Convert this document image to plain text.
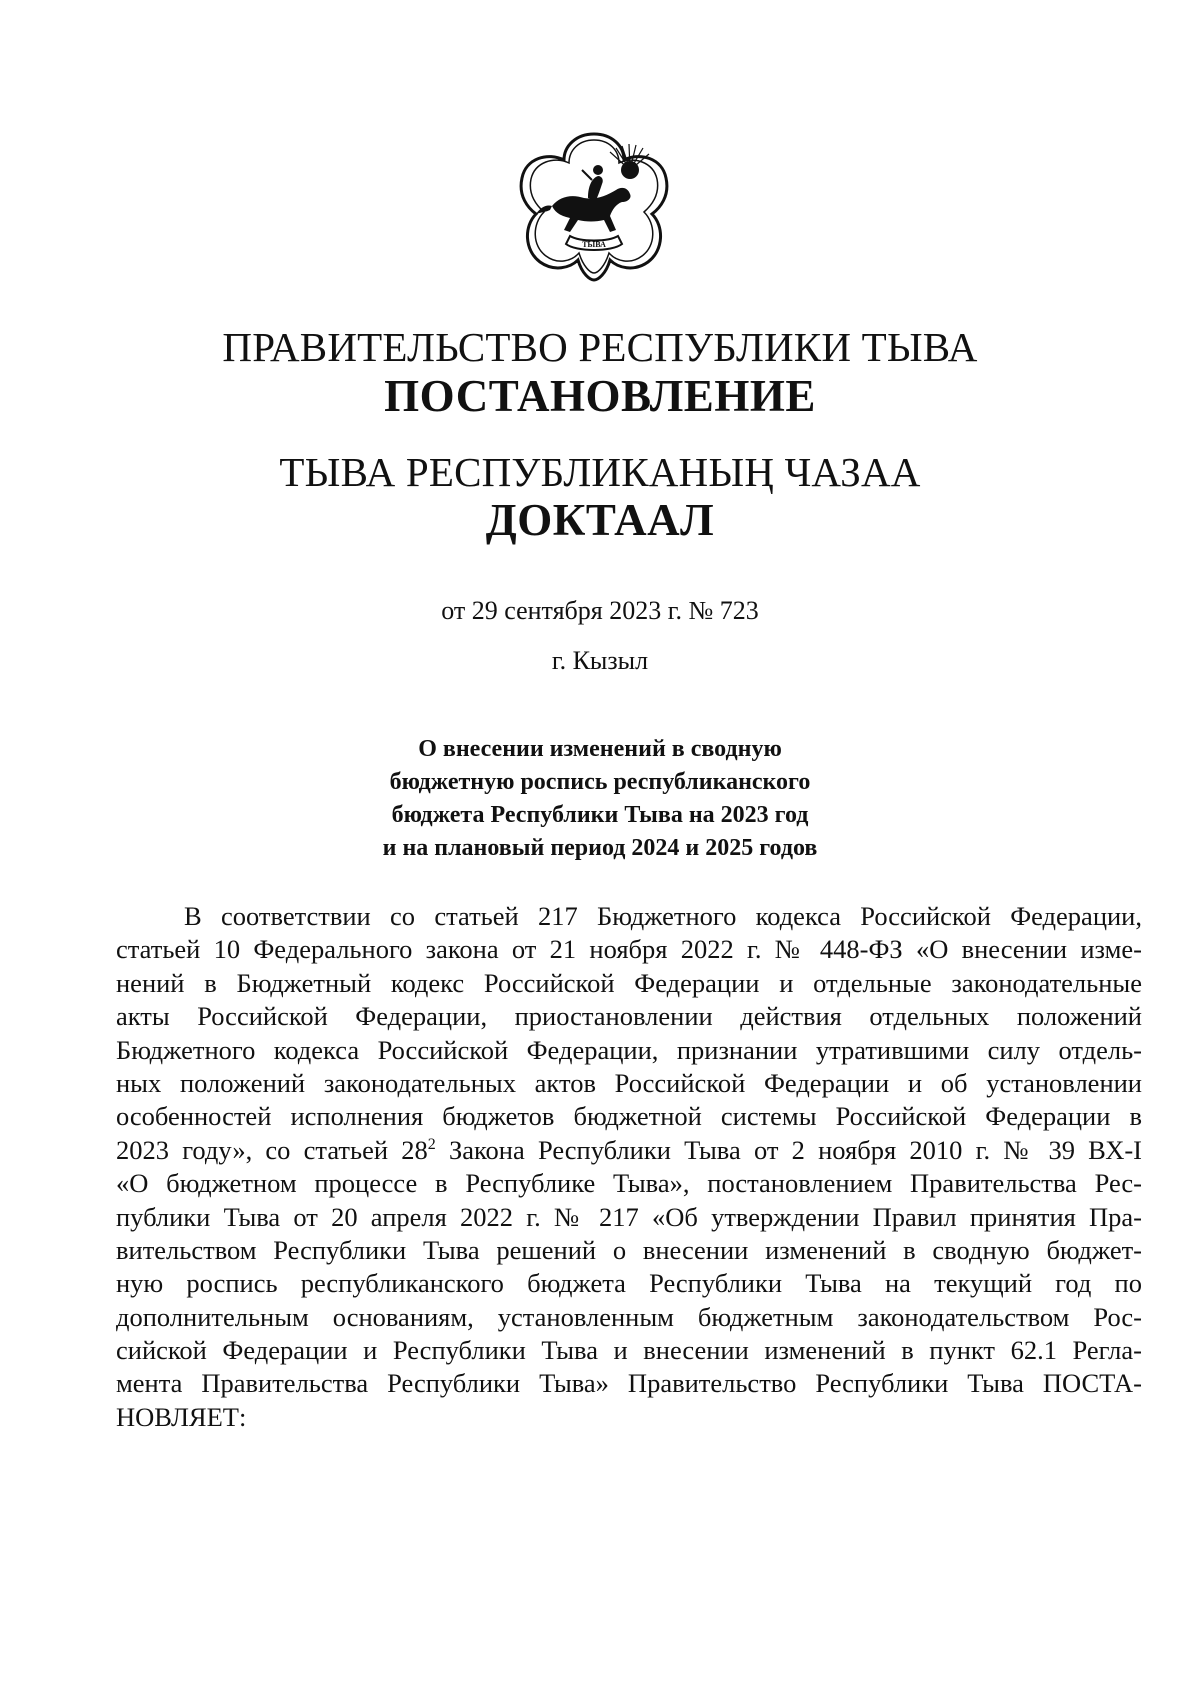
ТЫВА
ПРАВИТЕЛЬСТВО РЕСПУБЛИКИ ТЫВА
ПОСТАНОВЛЕНИЕ
ТЫВА РЕСПУБЛИКАНЫҢ ЧАЗАА
ДОКТААЛ
от 29 сентября 2023 г. № 723
г. Кызыл
О внесении изменений в сводную
бюджетную роспись республиканского
бюджета Республики Тыва на 2023 год
и на плановый период 2024 и 2025 годов
В соответствии со статьей 217 Бюджетного кодекса Российской Федерации,
статьей 10 Федерального закона от 21 ноября 2022 г. № 448-ФЗ «О внесении изме-
нений в Бюджетный кодекс Российской Федерации и отдельные законодательные
акты Российской Федерации, приостановлении действия отдельных положений
Бюджетного кодекса Российской Федерации, признании утратившими силу отдель-
ных положений законодательных актов Российской Федерации и об установлении
особенностей исполнения бюджетов бюджетной системы Российской Федерации в
2023 году», со статьей $28^2$ Закона Республики Тыва от 2 ноября 2010 г. № 39 ВХ-I
«О бюджетном процессе в Республике Тыва», постановлением Правительства Рес-
публики Тыва от 20 апреля 2022 г. № 217 «Об утверждении Правил принятия Пра-
вительством Республики Тыва решений о внесении изменений в сводную бюджет-
ную роспись республиканского бюджета Республики Тыва на текущий год по
дополнительным основаниям, установленным бюджетным законодательством Рос-
сийской Федерации и Республики Тыва и внесении изменений в пункт 62.1 Регла-
мента Правительства Республики Тыва» Правительство Республики Тыва ПОСТА-
НОВЛЯЕТ:
